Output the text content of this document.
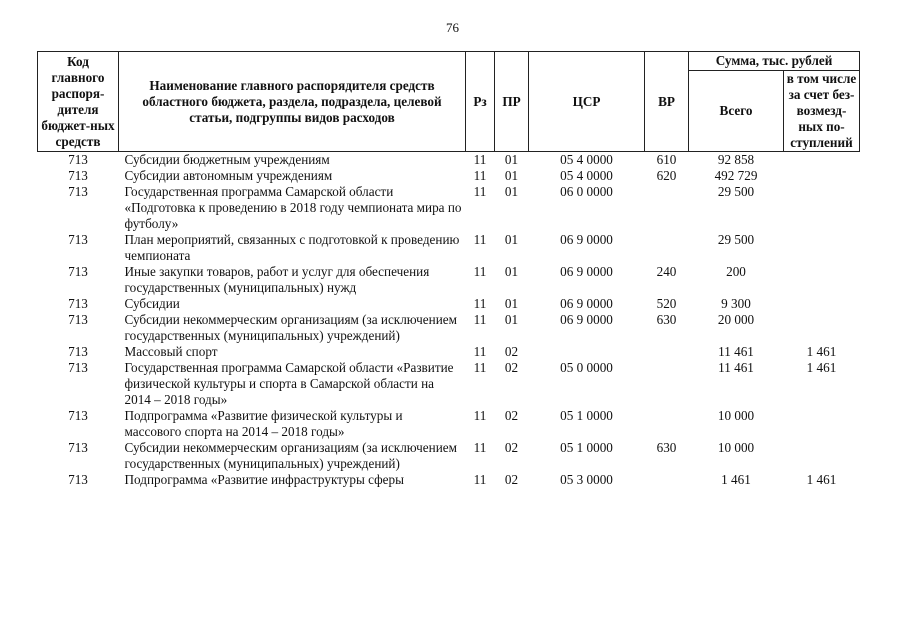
76
Код главного распоря-дителя бюджет-ных средств	Наименование главного распорядителя средств областного бюджета, раздела, подраздела, целевой статьи, подгруппы видов расходов	Рз	ПР	ЦСР	ВР	Сумма, тыс. рублей	
						Всего	в том числе за счет без-возмезд-ных по-ступлений
713	Субсидии бюджетным учреждениям	11	01	05 4 0000	610	92 858	
713	Субсидии автономным учреждениям	11	01	05 4 0000	620	492 729	
713	Государственная программа Самарской области «Подготовка к проведению в 2018 году чемпионата мира по футболу»	11	01	06 0 0000		29 500	
713	План мероприятий, связанных с подготовкой к проведению чемпионата	11	01	06 9 0000		29 500	
713	Иные закупки товаров, работ и услуг для обеспечения государственных (муниципальных) нужд	11	01	06 9 0000	240	200	
713	Субсидии	11	01	06 9 0000	520	9 300	
713	Субсидии некоммерческим организациям (за исключением государственных (муниципальных) учреждений)	11	01	06 9 0000	630	20 000	
713	Массовый спорт	11	02			11 461	1 461
713	Государственная программа Самарской области «Развитие физической культуры и спорта в Самарской области на 2014 – 2018 годы»	11	02	05 0 0000		11 461	1 461
713	Подпрограмма «Развитие физической культуры и массового спорта на 2014 – 2018 годы»	11	02	05 1 0000		10 000	
713	Субсидии некоммерческим организациям (за исключением государственных (муниципальных) учреждений)	11	02	05 1 0000	630	10 000	
713	Подпрограмма «Развитие инфраструктуры сферы	11	02	05 3 0000		1 461	1 461
